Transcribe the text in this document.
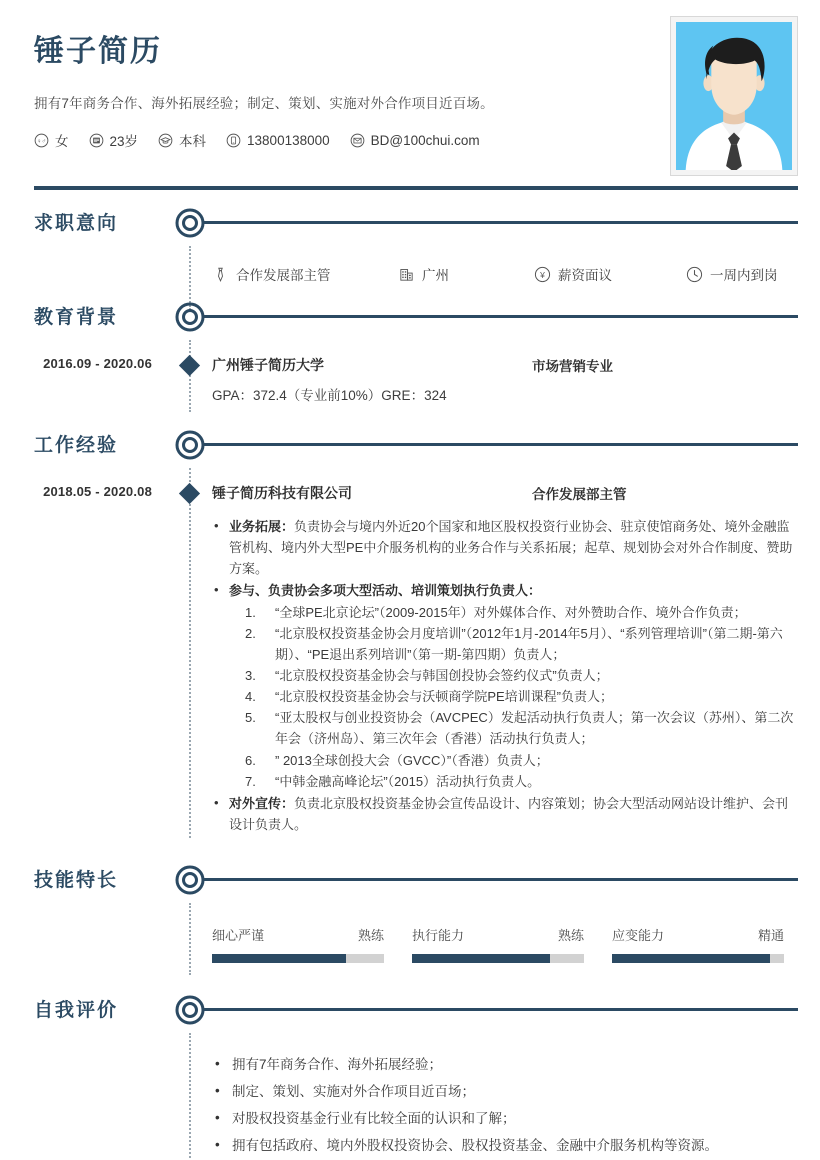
锤子简历
拥有7年商务合作、海外拓展经验；制定、策划、实施对外合作项目近百场。
♀♂ 女	23岁	本科	13800138000	BD@100chui.com
求职意向
合作发展部主管	广州	¥ 薪资面议	一周内到岗
教育背景
2016.09 - 2020.06	广州锤子简历大学	市场营销专业
GPA：372.4（专业前10%）GRE：324
工作经验
2018.05 - 2020.08	锤子简历科技有限公司	合作发展部主管
• 业务拓展：负责协会与境内外近20个国家和地区股权投资行业协会、驻京使馆商务处、境外金融监管机构、境内外大型PE中介服务机构的业务合作与关系拓展；起草、规划协会对外合作制度、赞助方案。
• 参与、负责协会多项大型活动、培训策划执行负责人：
“全球PE北京论坛”（2009-2015年）对外媒体合作、对外赞助合作、境外合作负责；
“北京股权投资基金协会月度培训”（2012年1月-2014年5月）、“系列管理培训”（第二期-第六期）、“PE退出系列培训”（第一期-第四期）负责人；
“北京股权投资基金协会与韩国创投协会签约仪式”负责人；
“北京股权投资基金协会与沃顿商学院PE培训课程”负责人；
“亚太股权与创业投资协会（AVCPEC）发起活动执行负责人；第一次会议（苏州）、第二次年会（济州岛）、第三次年会（香港）活动执行负责人；
” 2013全球创投大会（GVCC）”（香港）负责人；
“中韩金融高峰论坛”（2015）活动执行负责人。
• 对外宣传：负责北京股权投资基金协会宣传品设计、内容策划；协会大型活动网站设计维护、会刊设计负责人。
技能特长
细心严谨	熟练 执行能力	熟练 应变能力	精通
自我评价
• 拥有7年商务合作、海外拓展经验；
• 制定、策划、实施对外合作项目近百场；
• 对股权投资基金行业有比较全面的认识和了解；
• 拥有包括政府、境内外股权投资协会、股权投资基金、金融中介服务机构等资源。
